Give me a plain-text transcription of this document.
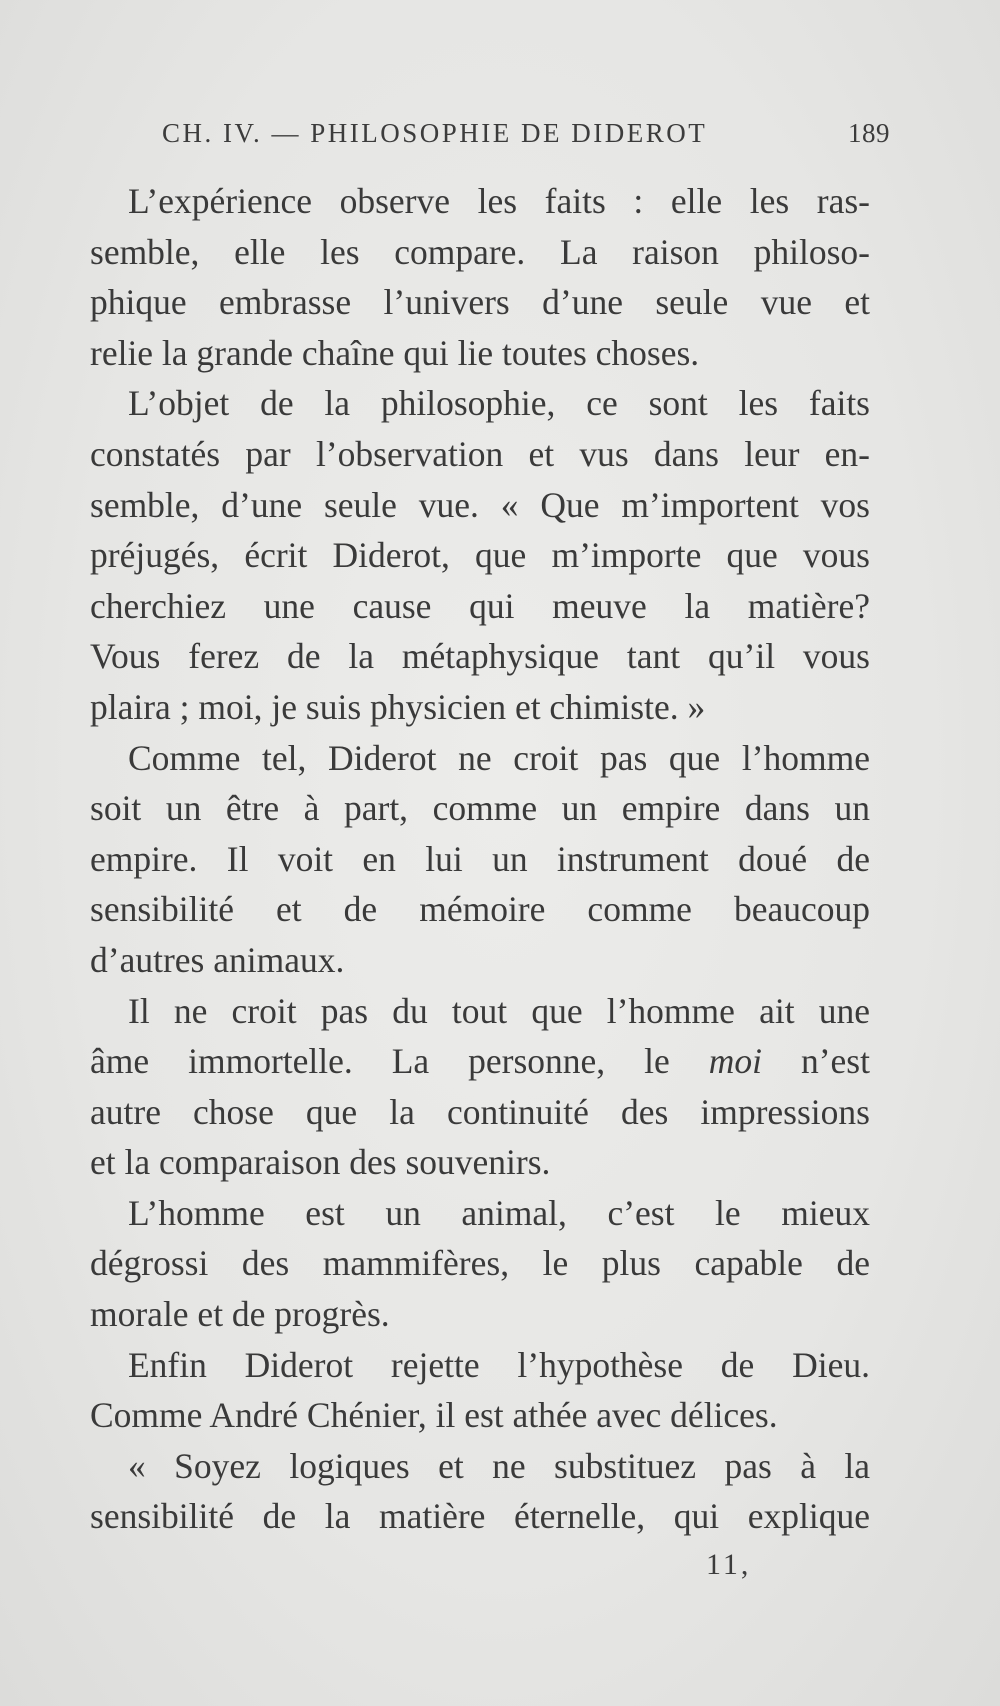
CH. IV. — PHILOSOPHIE DE DIDEROT	189
L’expérience observe les faits : elle les ras-
semble, elle les compare. La raison philoso-
phique embrasse l’univers d’une seule vue et
relie la grande chaîne qui lie toutes choses.
L’objet de la philosophie, ce sont les faits
constatés par l’observation et vus dans leur en-
semble, d’une seule vue. « Que m’importent vos
préjugés, écrit Diderot, que m’importe que vous
cherchiez une cause qui meuve la matière?
Vous ferez de la métaphysique tant qu’il vous
plaira ; moi, je suis physicien et chimiste. »
Comme tel, Diderot ne croit pas que l’homme
soit un être à part, comme un empire dans un
empire. Il voit en lui un instrument doué de
sensibilité et de mémoire comme beaucoup
d’autres animaux.
Il ne croit pas du tout que l’homme ait une
âme immortelle. La personne, le moi n’est
autre chose que la continuité des impressions
et la comparaison des souvenirs.
L’homme est un animal, c’est le mieux
dégrossi des mammifères, le plus capable de
morale et de progrès.
Enfin Diderot rejette l’hypothèse de Dieu.
Comme André Chénier, il est athée avec délices.
« Soyez logiques et ne substituez pas à la
sensibilité de la matière éternelle, qui explique
11,
